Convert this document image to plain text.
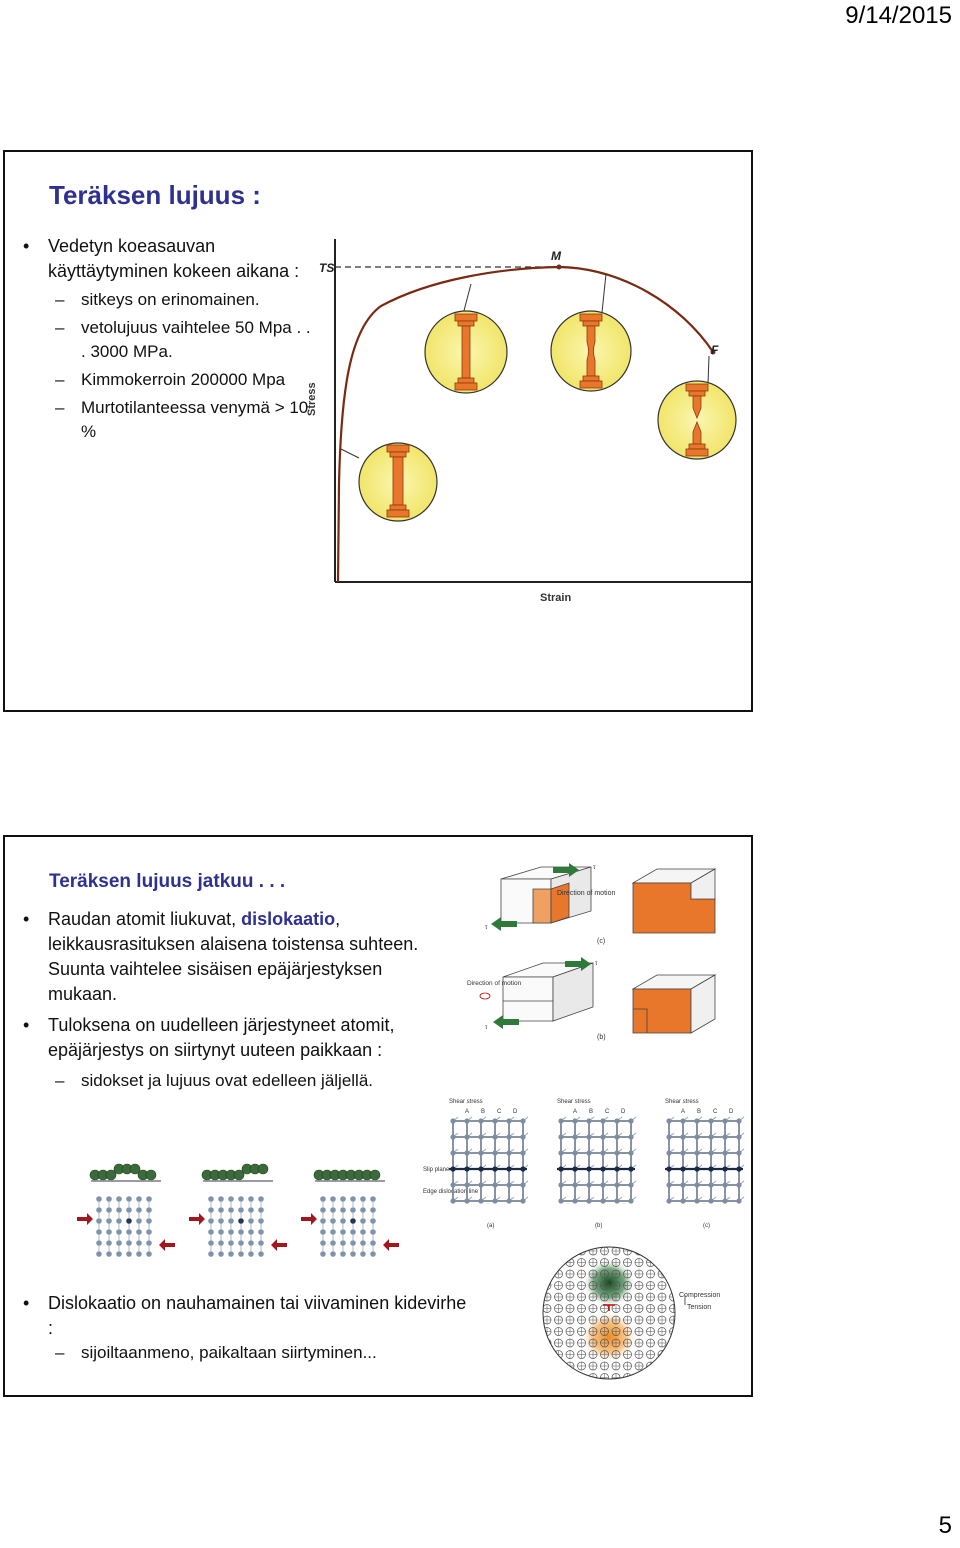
9/14/2015
Teräksen lujuus :
• Vedetyn koeasauvan käyttäytyminen kokeen aikana :
– sitkeys on erinomainen.
– vetolujuus vaihtelee 50 Mpa . . . 3000 MPa.
– Kimmokerroin 200000 Mpa
– Murtotilanteessa venymä > 10 %
TS
M
F
Stress
Strain
Teräksen lujuus jatkuu . . .
• Raudan atomit liukuvat, dislokaatio, leikkausrasituksen alaisena toistensa suhteen. Suunta vaihtelee sisäisen epäjärjestyksen mukaan.
• Tuloksena on uudelleen järjestyneet atomit, epäjärjestys on siirtynyt uuteen paikkaan :
– sidokset ja lujuus ovat edelleen jäljellä.
Direction of motion
τ
τ
(c)
Direction of motion
τ
τ
(b)
Shear stress	Shear stress	Shear stress
Slip plane
Edge dislocation line
A B C D
(a)
A B C D
(b)
A B C D
(c)
• Dislokaatio on nauhamainen tai viivaminen kidevirhe :
– sijoiltaanmeno, paikaltaan siirtyminen...
Compression
Tension
5
